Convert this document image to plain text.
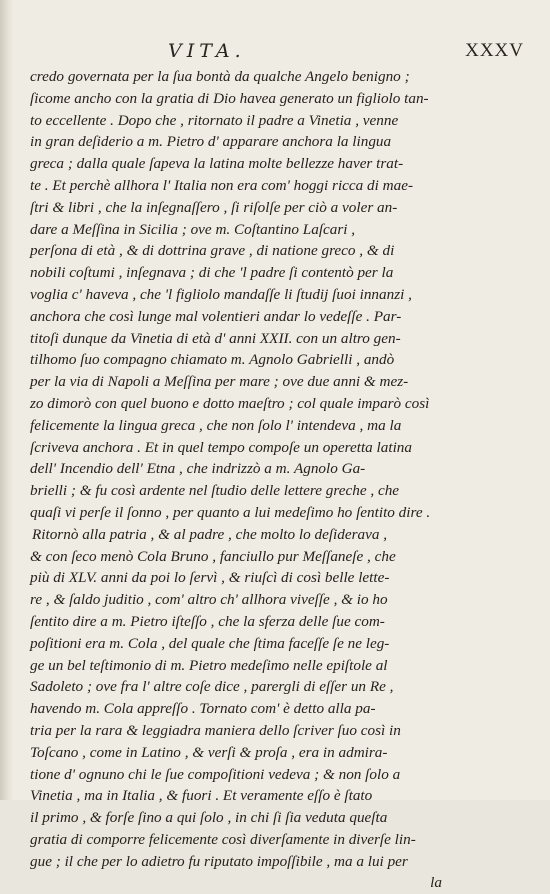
VITA.	XXXV
credo governata per la ſua bontà da qualche Angelo benigno ;
ſicome ancho con la gratia di Dio havea generato un figliolo tan-
to eccellente . Dopo che , ritornato il padre a Vinetia , venne
in gran deſiderio a m. Pietro d' apparare anchora la lingua
greca ; dalla quale ſapeva la latina molte bellezze haver trat-
te . Et perchè allhora l' Italia non era com' hoggi ricca di mae-
ſtri & libri , che la inſegnaſſero , ſi riſolſe per ciò a voler an-
dare a Meſſina in Sicilia ; ove m. Coſtantino Laſcari ,
perſona di età , & di dottrina grave , di natione greco , & di
nobili coſtumi , inſegnava ; di che 'l padre ſi contentò per la
voglia c' haveva , che 'l figliolo mandaſſe li ſtudij ſuoi innanzi ,
anchora che così lunge mal volentieri andar lo vedeſſe . Par-
titoſi dunque da Vinetia di età d' anni XXII. con un altro gen-
tilhomo ſuo compagno chiamato m. Agnolo Gabrielli , andò
per la via di Napoli a Meſſina per mare ; ove due anni & mez-
zo dimorò con quel buono e dotto maeſtro ; col quale imparò così
felicemente la lingua greca , che non ſolo l' intendeva , ma la
ſcriveva anchora . Et in quel tempo compoſe un operetta latina
dell' Incendio dell' Etna , che indrizzò a m. Agnolo Ga-
brielli ; & fu così ardente nel ſtudio delle lettere greche , che
quaſi vi perſe il ſonno , per quanto a lui medeſimo ho ſentito dire .
Ritornò alla patria , & al padre , che molto lo deſiderava ,
& con ſeco menò Cola Bruno , fanciullo pur Meſſaneſe , che
più di XLV. anni da poi lo ſervì , & riuſcì di così belle lette-
re , & ſaldo juditio , com' altro ch' allhora viveſſe , & io ho
ſentito dire a m. Pietro iſteſſo , che la sferza delle ſue com-
poſitioni era m. Cola , del quale che ſtima faceſſe ſe ne leg-
ge un bel teſtimonio di m. Pietro medeſimo nelle epiſtole al
Sadoleto ; ove fra l' altre coſe dice , parergli di eſſer un Re ,
havendo m. Cola appreſſo . Tornato com' è detto alla pa-
tria per la rara & leggiadra maniera dello ſcriver ſuo così in
Toſcano , come in Latino , & verſi & proſa , era in admira-
tione d' ognuno chi le ſue compoſitioni vedeva ; & non ſolo a
Vinetia , ma in Italia , & fuori . Et veramente eſſo è ſtato
il primo , & forſe ſino a qui ſolo , in chi ſi ſia veduta queſta
gratia di comporre felicemente così diverſamente in diverſe lin-
gue ; il che per lo adietro fu riputato impoſſibile , ma a lui per
la
